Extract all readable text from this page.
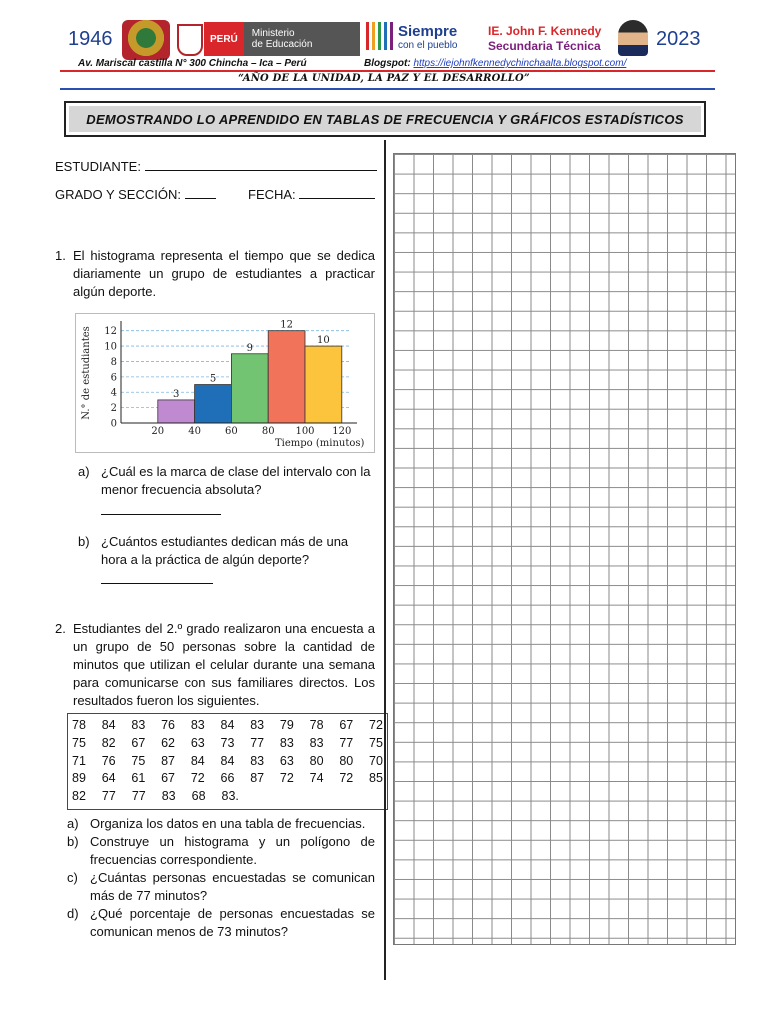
1946	PERÚ	Ministerio
de Educación
Siempre
con el pueblo
IE. John F. Kennedy
Secundaria Técnica	2023
Av. Mariscal castilla N° 300 Chincha – Ica – Perú	Blogspot: https://iejohnfkennedychinchaalta.blogspot.com/
“AÑO DE LA UNIDAD, LA PAZ Y EL DESARROLLO”
DEMOSTRANDO LO APRENDIDO EN TABLAS DE FRECUENCIA Y GRÁFICOS ESTADÍSTICOS
ESTUDIANTE:
GRADO Y SECCIÓN:	FECHA:
1. El histograma representa el tiempo que se dedica diariamente un grupo de estudiantes a practicar algún deporte.
3
5
9
12
10
0
2
4
6
8
10
12
20 40 60 80 100 120
Tiempo (minutos)
N.° de estudiantes
a) ¿Cuál es la marca de clase del intervalo con la menor frecuencia absoluta?
b) ¿Cuántos estudiantes dedican más de una hora a la práctica de algún deporte?
2. Estudiantes del 2.º grado realizaron una encuesta a un grupo de 50 personas sobre la cantidad de minutos que utilizan el celular durante una semana para comunicarse con sus familiares directos. Los resultados fueron los siguientes.
78 84 83 76 83 84 83 79 78 67 72
75 82 67 62 63 73 77 83 83 77 75
71 76 75 87 84 84 83 63 80 80 70
89 64 61 67 72 66 87 72 74 72 85
82 77 77 83 68 83.
a) Organiza los datos en una tabla de frecuencias.
b) Construye un histograma y un polígono de frecuencias correspondiente.
c) ¿Cuántas personas encuestadas se comunican más de 77 minutos?
d) ¿Qué porcentaje de personas encuestadas se comunican menos de 73 minutos?
